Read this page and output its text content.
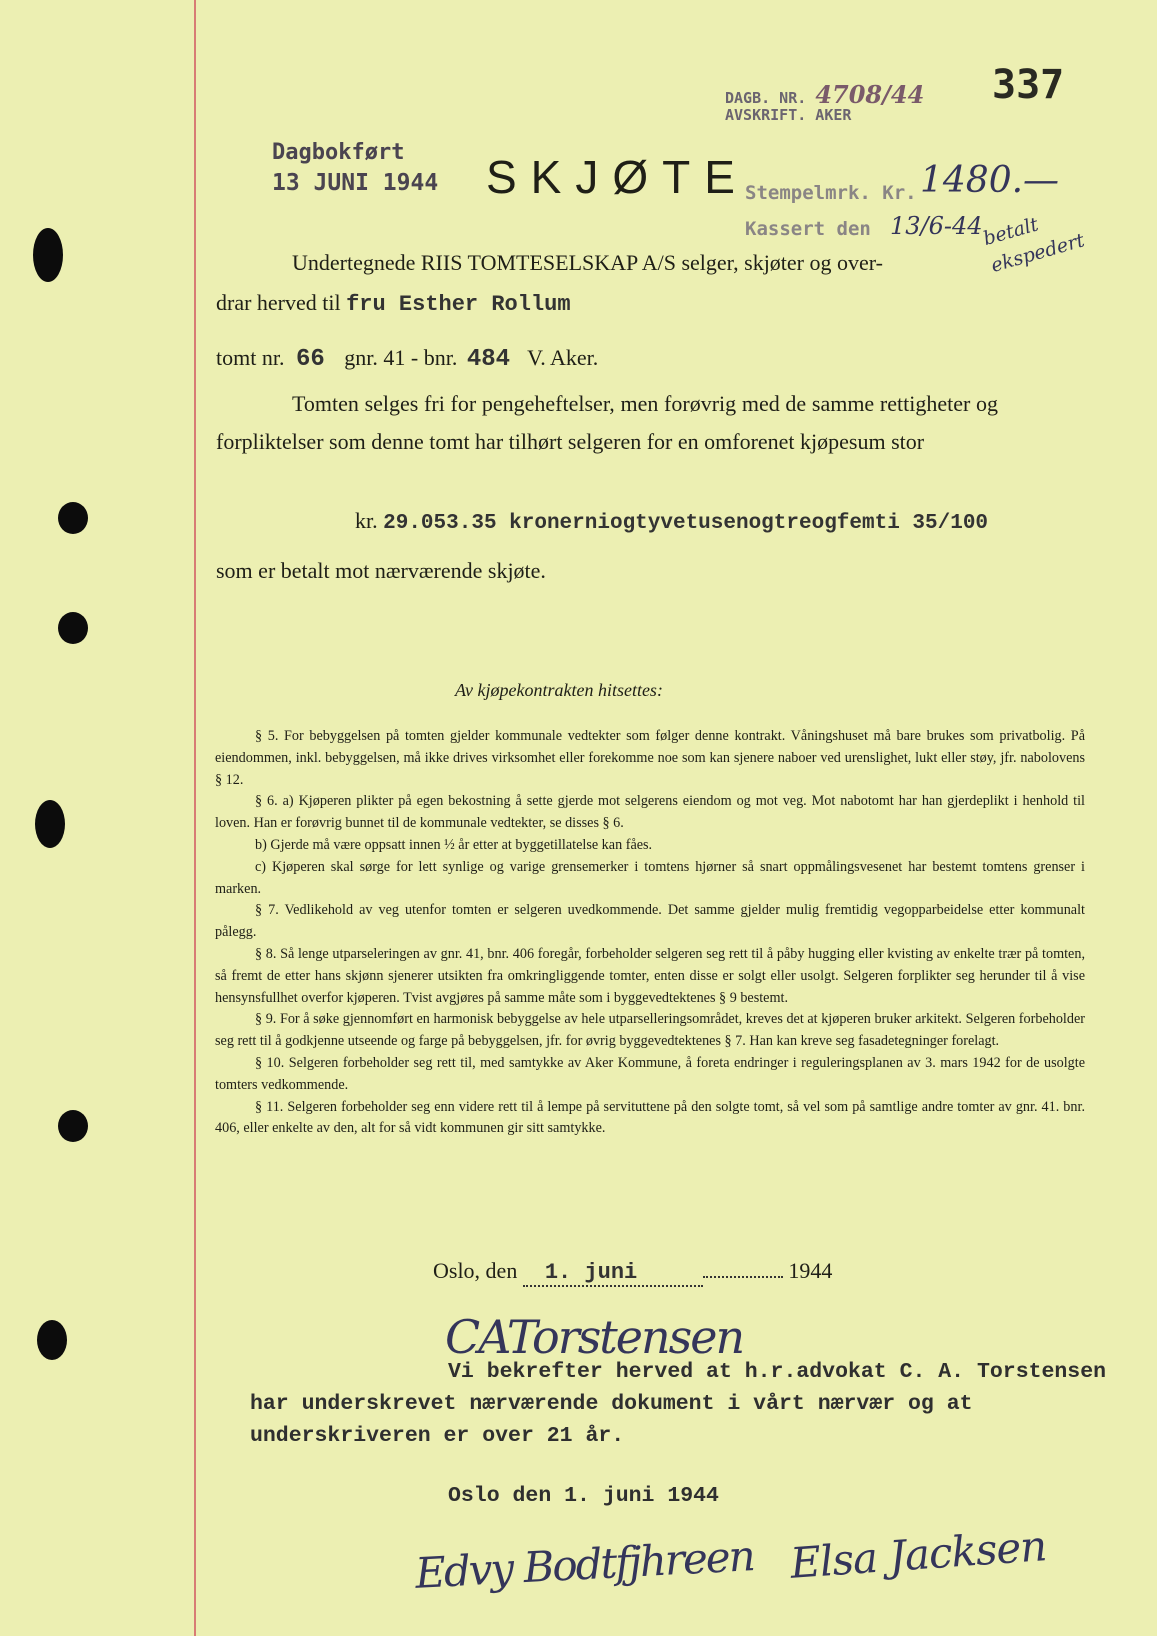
DAGB. NR. 4708/44
AVSKRIFT. AKER
337
Dagbokført
13 JUNI 1944 SKJØTE
Stempelmrk. Kr. 1480.—
Kassert den 13/6-44
betalt ekspedert
Undertegnede RIIS TOMTESELSKAP A/S selger, skjøter og over-
drar herved til fru Esther Rollum
tomt nr. 66 gnr. 41 - bnr. 484 V. Aker.
Tomten selges fri for pengeheftelser, men forøvrig med de samme rettigheter og forpliktelser som denne tomt har tilhørt selgeren for en omforenet kjøpesum stor
kr. 29.053.35 kronerniogtyvetusenogtreogfemti 35/100
som er betalt mot nærværende skjøte.
Av kjøpekontrakten hitsettes:

§ 5. For bebyggelsen på tomten gjelder kommunale vedtekter som følger denne kontrakt. Våningshuset må bare brukes som privatbolig. På eiendommen, inkl. bebyggelsen, må ikke drives virksomhet eller forekomme noe som kan sjenere naboer ved urenslighet, lukt eller støy, jfr. nabolovens § 12.

§ 6. a) Kjøperen plikter på egen bekostning å sette gjerde mot selgerens eiendom og mot veg. Mot nabotomt har han gjerdeplikt i henhold til loven. Han er forøvrig bunnet til de kommunale vedtekter, se disses § 6.

b) Gjerde må være oppsatt innen ½ år etter at byggetillatelse kan fåes.

c) Kjøperen skal sørge for lett synlige og varige grensemerker i tomtens hjørner så snart oppmålingsvesenet har bestemt tomtens grenser i marken.

§ 7. Vedlikehold av veg utenfor tomten er selgeren uvedkommende. Det samme gjelder mulig fremtidig vegopparbeidelse etter kommunalt pålegg.

§ 8. Så lenge utparseleringen av gnr. 41, bnr. 406 foregår, forbeholder selgeren seg rett til å påby hugging eller kvisting av enkelte trær på tomten, så fremt de etter hans skjønn sjenerer utsikten fra omkringliggende tomter, enten disse er solgt eller usolgt. Selgeren forplikter seg herunder til å vise hensynsfullhet overfor kjøperen. Tvist avgjøres på samme måte som i byggevedtektenes § 9 bestemt.

§ 9. For å søke gjennomført en harmonisk bebyggelse av hele utparselleringsområdet, kreves det at kjøperen bruker arkitekt. Selgeren forbeholder seg rett til å godkjenne utseende og farge på bebyggelsen, jfr. for øvrig byggevedtektenes § 7. Han kan kreve seg fasadetegninger forelagt.

§ 10. Selgeren forbeholder seg rett til, med samtykke av Aker Kommune, å foreta endringer i reguleringsplanen av 3. mars 1942 for de usolgte tomters vedkommende.

§ 11. Selgeren forbeholder seg enn videre rett til å lempe på servituttene på den solgte tomt, så vel som på samtlige andre tomter av gnr. 41. bnr. 406, eller enkelte av den, alt for så vidt kommunen gir sitt samtykke.

Oslo, den 1. juni	1944
CATorstensen
Vi bekrefter herved at h.r.advokat C. A. Torstensen
har underskrevet nærværende dokument i vårt nærvær og at
underskriveren er over 21 år.
Oslo den 1. juni 1944
Edvy Bodtfjhreen Elsa Jacksen
